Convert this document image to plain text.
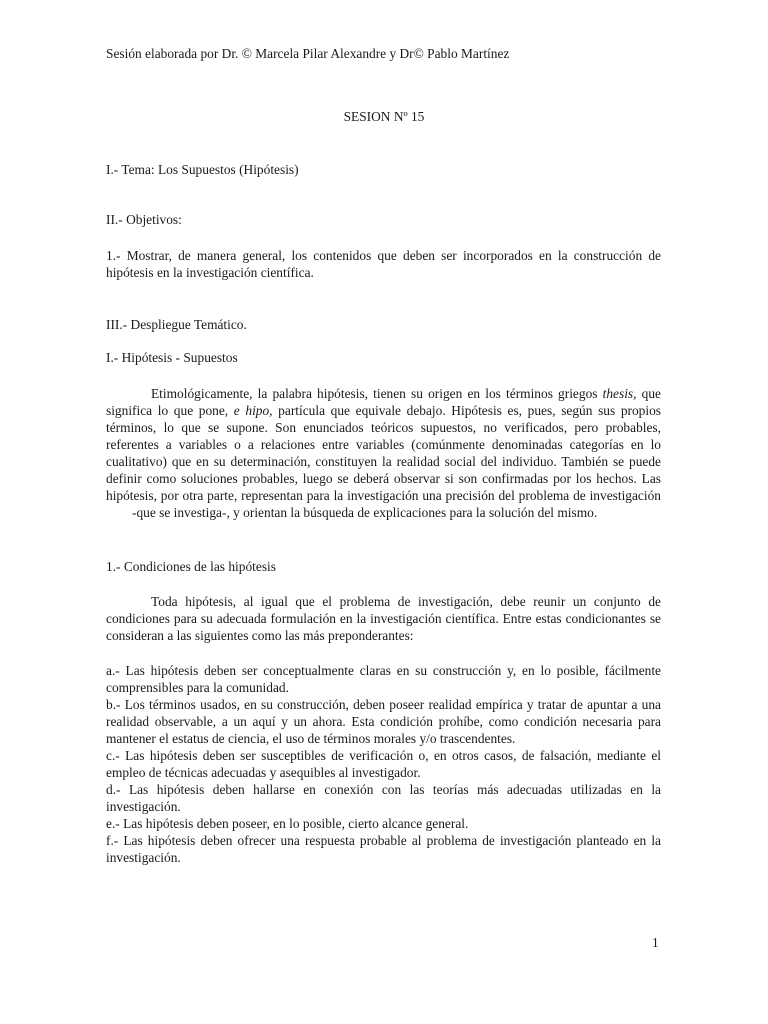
Sesión elaborada por Dr. © Marcela Pilar Alexandre y Dr© Pablo Martínez

SESION Nº 15

I.- Tema: Los Supuestos (Hipótesis)

II.- Objetivos:

1.- Mostrar, de manera general, los contenidos que deben ser incorporados en la construcción de hipótesis en la investigación científica.

III.- Despliegue Temático.

I.- Hipótesis - Supuestos

Etimológicamente, la palabra hipótesis, tienen su origen en los términos griegos thesis, que significa lo que pone, e hipo, partícula que equivale debajo. Hipótesis es, pues, según sus propios términos, lo que se supone. Son enunciados teóricos supuestos, no verificados, pero probables, referentes a variables o a relaciones entre variables (comúnmente denominadas categorías en lo cualitativo) que en su determinación, constituyen la realidad social del individuo. También se puede definir como soluciones probables, luego se deberá observar si son confirmadas por los hechos. Las hipótesis, por otra parte, representan para la investigación una precisión del problema de investigación-que se investiga-, y orientan la búsqueda de explicaciones para la solución del mismo.

1.- Condiciones de las hipótesis

Toda hipótesis, al igual que el problema de investigación, debe reunir un conjunto de condiciones para su adecuada formulación en la investigación científica. Entre estas condicionantes se consideran a las siguientes como las más preponderantes:

a.- Las hipótesis deben ser conceptualmente claras en su construcción y, en lo posible, fácilmente comprensibles para la comunidad.

b.- Los términos usados, en su construcción, deben poseer realidad empírica y tratar de apuntar a una realidad observable, a un aquí y un ahora. Esta condición prohíbe, como condición necesaria para mantener el estatus de ciencia, el uso de términos morales y/o trascendentes.

c.- Las hipótesis deben ser susceptibles de verificación o, en otros casos, de falsación, mediante el empleo de técnicas adecuadas y asequibles al investigador.

d.- Las hipótesis deben hallarse en conexión con las teorías más adecuadas utilizadas en la investigación.

e.- Las hipótesis deben poseer, en lo posible, cierto alcance general.

f.- Las hipótesis deben ofrecer una respuesta probable al problema de investigación planteado en la investigación.

1
